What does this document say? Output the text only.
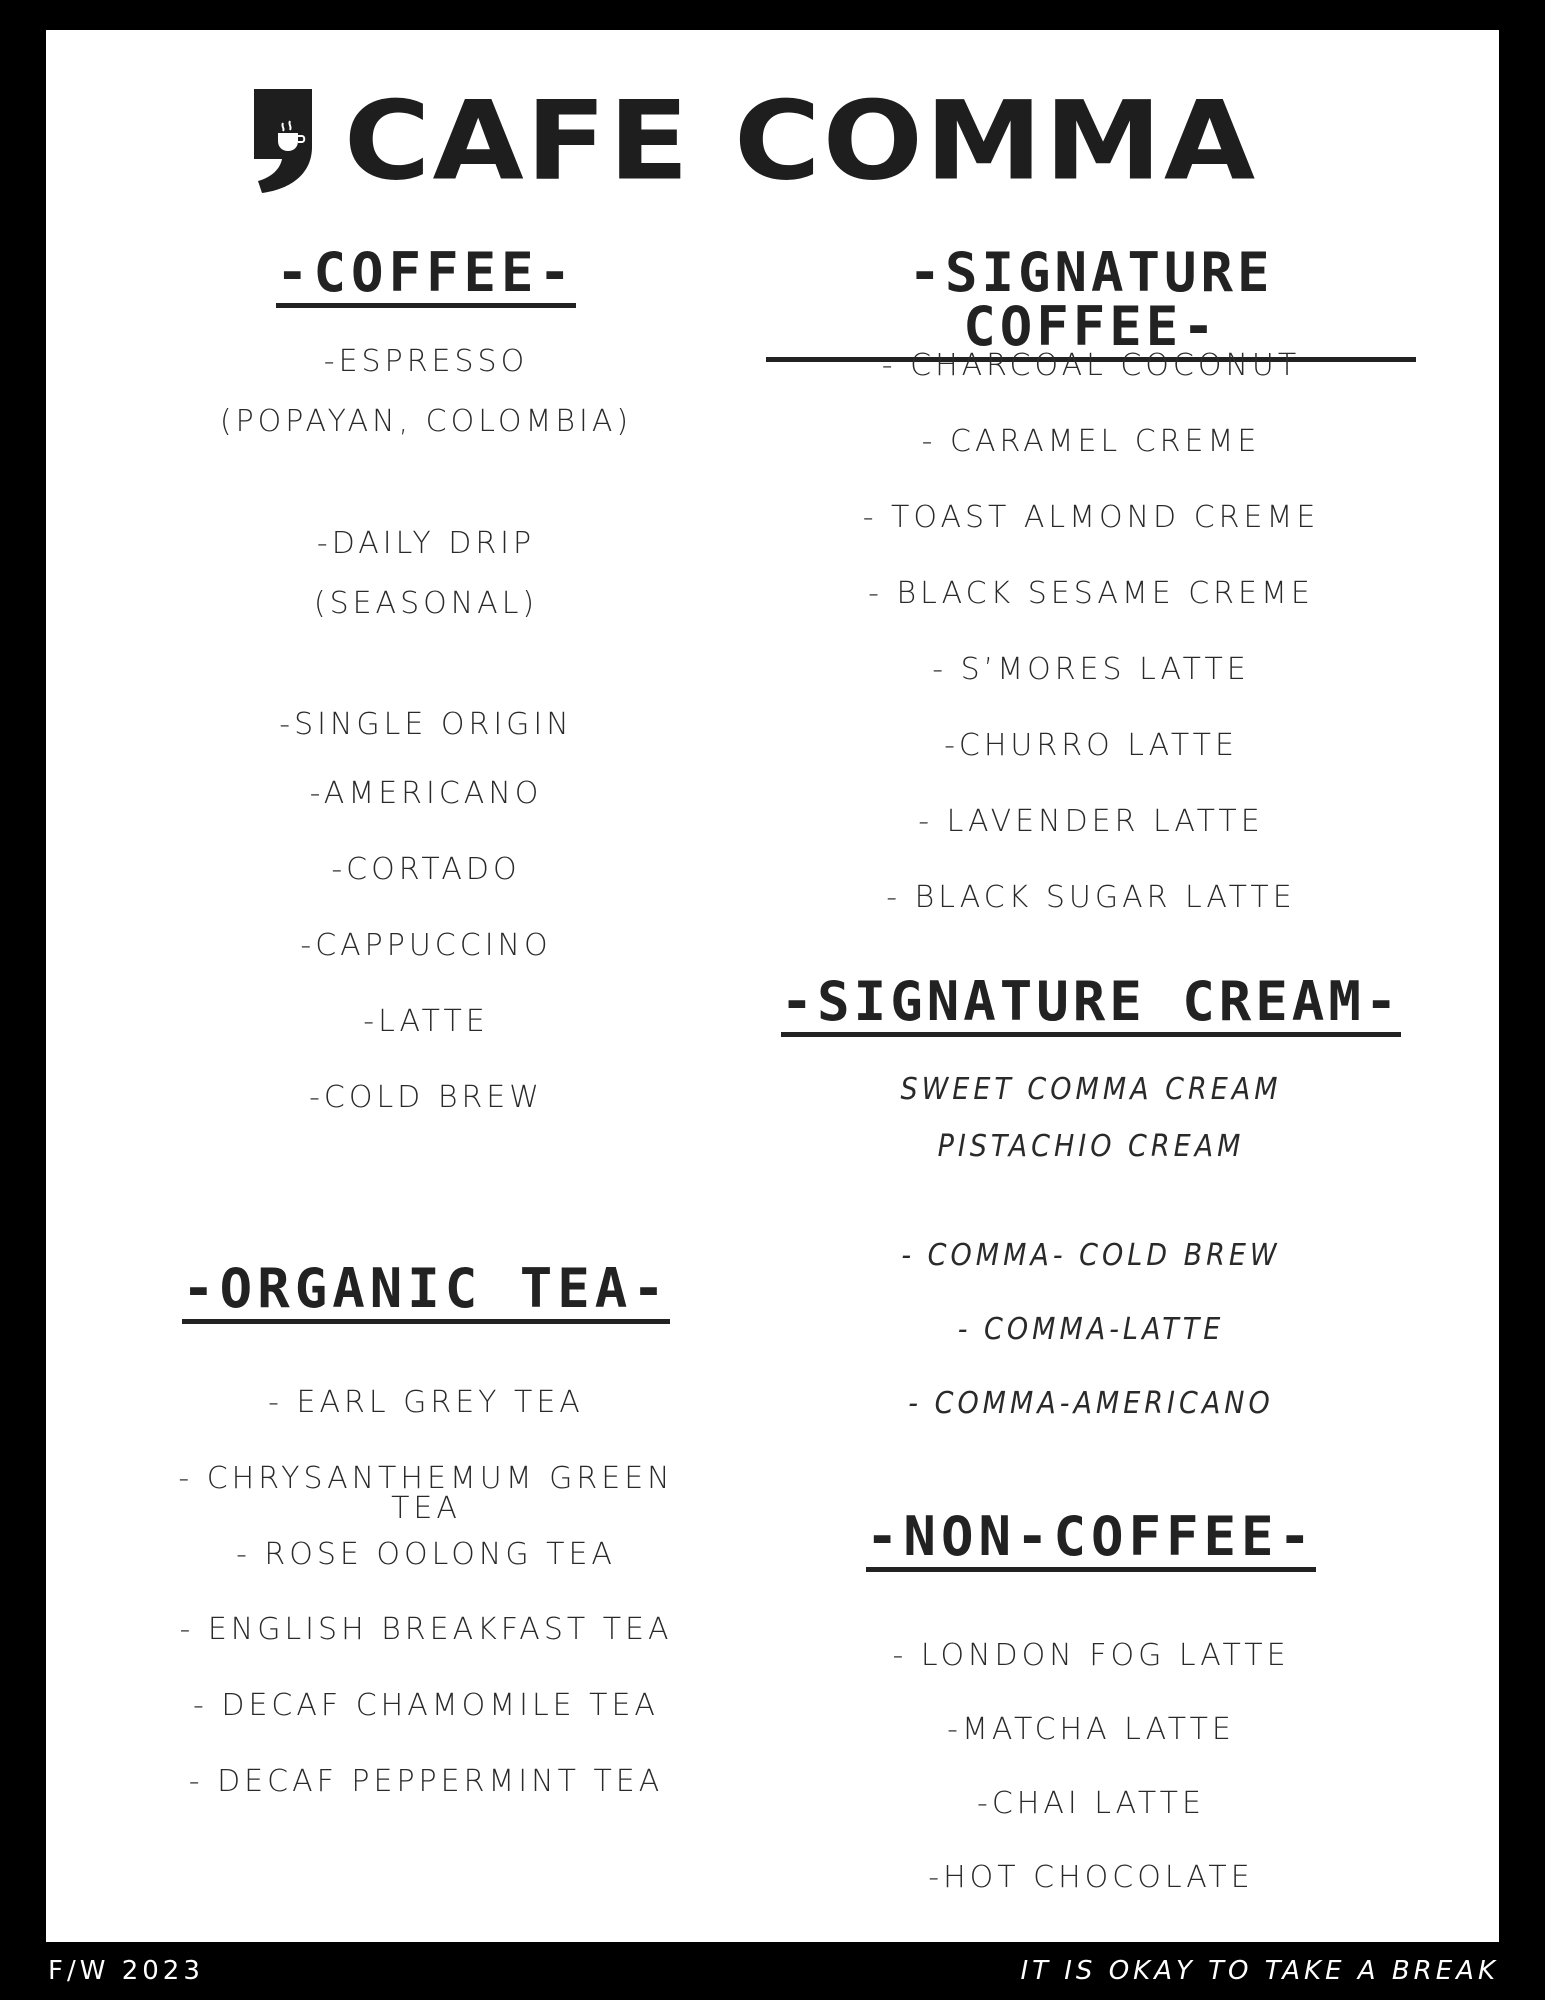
CAFE COMMA
-COFFEE-
-ESPRESSO
(POPAYAN, COLOMBIA)
-DAILY DRIP
(SEASONAL)
-SINGLE ORIGIN
-AMERICANO
-CORTADO
-CAPPUCCINO
-LATTE
-COLD BREW
-ORGANIC TEA-
- EARL GREY TEA
- CHRYSANTHEMUM GREEN TEA
- ROSE OOLONG TEA
- ENGLISH BREAKFAST TEA
- DECAF CHAMOMILE TEA
- DECAF PEPPERMINT TEA
-SIGNATURE COFFEE-
- CHARCOAL COCONUT
- CARAMEL CREME
- TOAST ALMOND CREME
- BLACK SESAME CREME
- S’MORES LATTE
-CHURRO LATTE
- LAVENDER LATTE
- BLACK SUGAR LATTE
-SIGNATURE CREAM-
SWEET COMMA CREAM
PISTACHIO CREAM
- COMMA- COLD BREW
- COMMA-LATTE
- COMMA-AMERICANO
-NON-COFFEE-
- LONDON FOG LATTE
-MATCHA LATTE
-CHAI LATTE
-HOT CHOCOLATE
F/W 2023	IT IS OKAY TO TAKE A BREAK
